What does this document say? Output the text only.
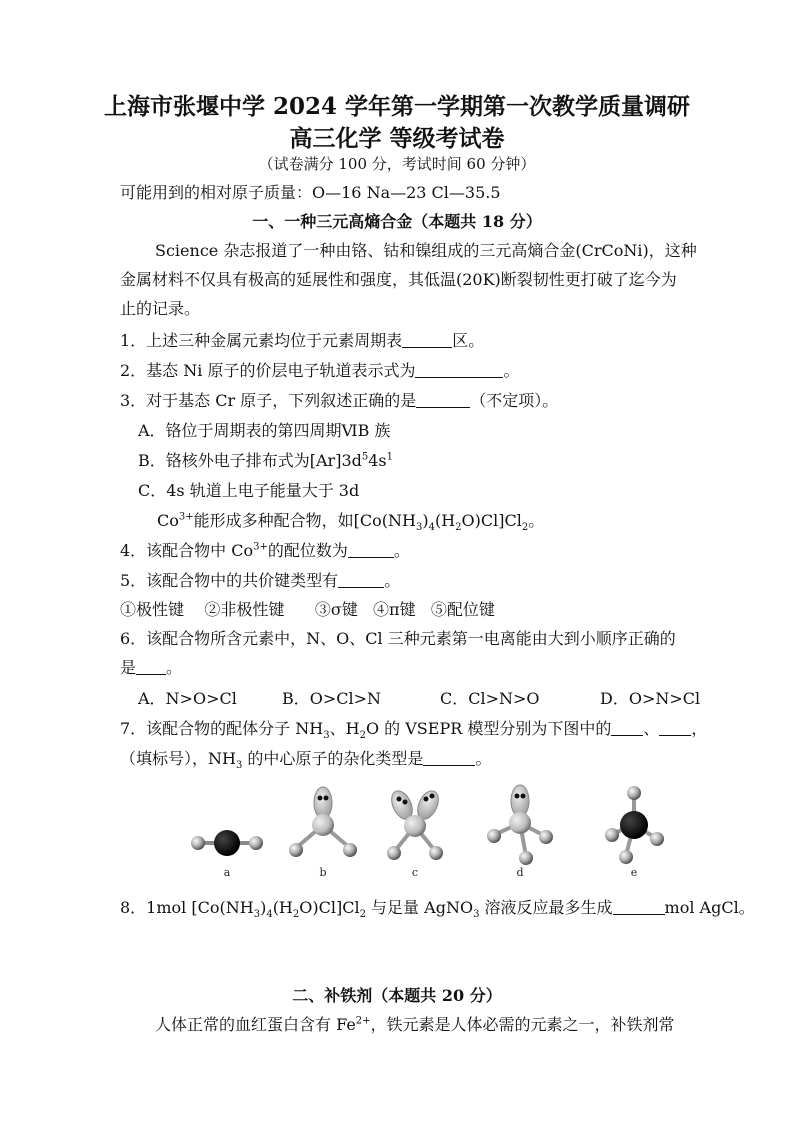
上海市张堰中学 2024 学年第一学期第一次教学质量调研
高三化学 等级考试卷
（试卷满分 100 分，考试时间 60 分钟）
可能用到的相对原子质量：O—16 Na—23 Cl—35.5
一、一种三元高熵合金（本题共 18 分）
Science 杂志报道了一种由铬、钴和镍组成的三元高熵合金(CrCoNi)，这种
金属材料不仅具有极高的延展性和强度，其低温(20K)断裂韧性更打破了迄今为
止的记录。
1．上述三种金属元素均位于元素周期表	区。
2．基态 Ni 原子的价层电子轨道表示式为	。
3．对于基态 Cr 原子，下列叙述正确的是	（不定项）。
A．铬位于周期表的第四周期ⅥB 族
B．铬核外电子排布式为$[Ar]3d^54s^1$
C．4s 轨道上电子能量大于 3d
$Co^{3+}$能形成多种配合物，如$[Co(NH_3)_4(H_2O)Cl]Cl_2$。
4．该配合物中 $Co^{3+}$的配位数为	。
5．该配合物中的共价键类型有	。
①极性键    ②非极性键      ③σ键   ④π键   ⑤配位键
6．该配合物所含元素中，N、O、Cl 三种元素第一电离能由大到小顺序正确的
是 。
A．N>O>Cl	B．O>Cl>N	C．Cl>N>O	D．O>N>Cl
7．该配合物的配体分子 $NH_3$、$H_2O$ 的 VSEPR 模型分别为下图中的 、 ，
（填标号），$NH_3$ 的中心原子的杂化类型是	。
a	b	c	d	e
8．1mol $[Co(NH_3)_4(H_2O)Cl]Cl_2$ 与足量 AgNO$_3$ 溶液反应最多生成	mol AgCl。
二、补铁剂（本题共 20 分）
人体正常的血红蛋白含有 $Fe^{2+}$，铁元素是人体必需的元素之一，补铁剂常
